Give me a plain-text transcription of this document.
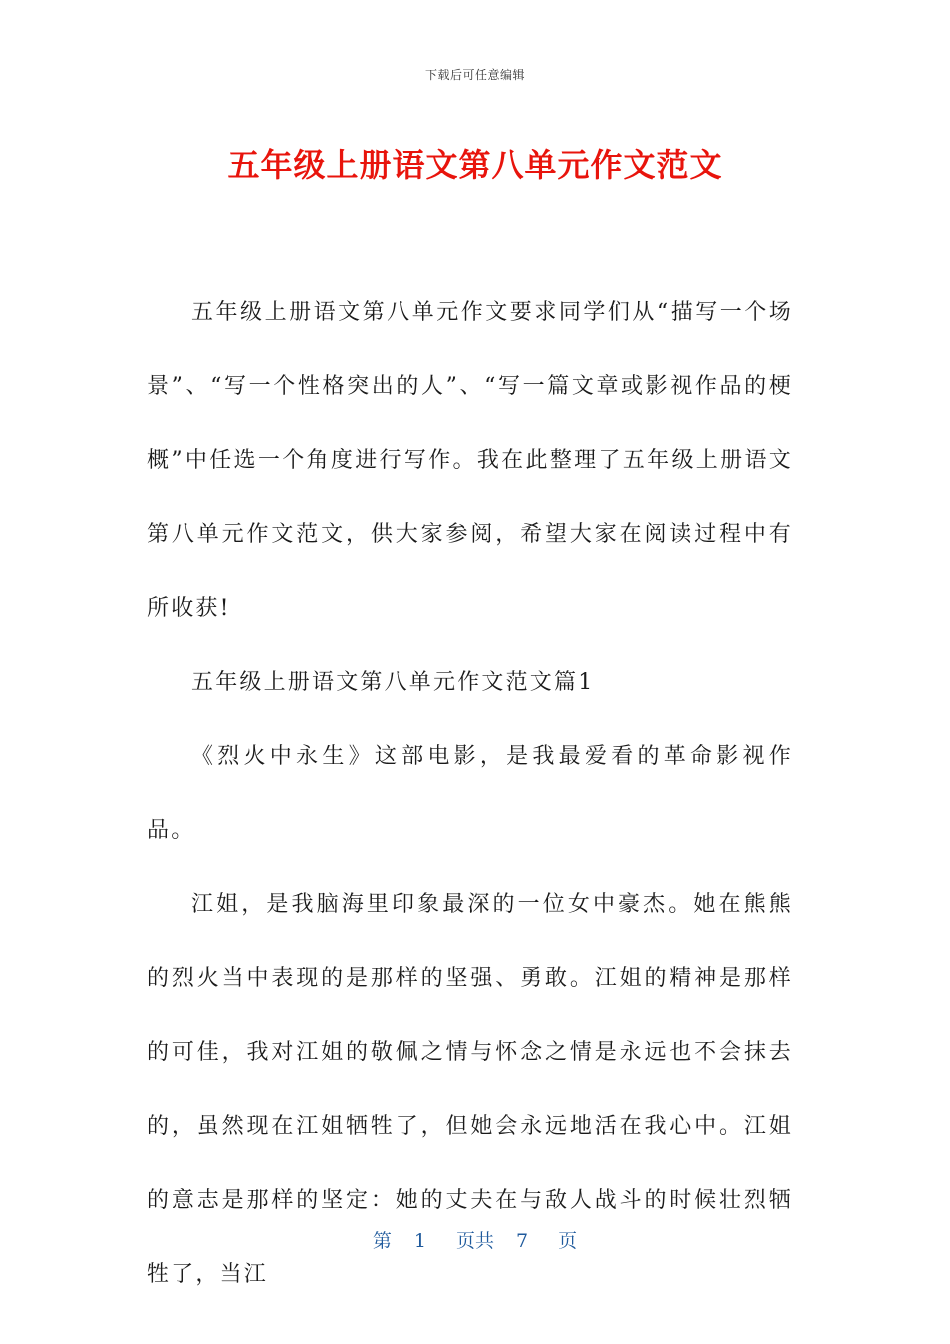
下载后可任意编辑
五年级上册语文第八单元作文范文

五年级上册语文第八单元作文要求同学们从“描写一个场景”、“写一个性格突出的人”、“写一篇文章或影视作品的梗概”中任选一个角度进行写作。我在此整理了五年级上册语文第八单元作文范文，供大家参阅，希望大家在阅读过程中有所收获!

五年级上册语文第八单元作文范文篇1

《烈火中永生》这部电影，是我最爱看的革命影视作品。

江姐，是我脑海里印象最深的一位女中豪杰。她在熊熊的烈火当中表现的是那样的坚强、勇敢。江姐的精神是那样的可佳，我对江姐的敬佩之情与怀念之情是永远也不会抹去的，虽然现在江姐牺牲了，但她会永远地活在我心中。江姐的意志是那样的坚定：她的丈夫在与敌人战斗的时候壮烈牺牲了，当江

第 1 页共 7 页
